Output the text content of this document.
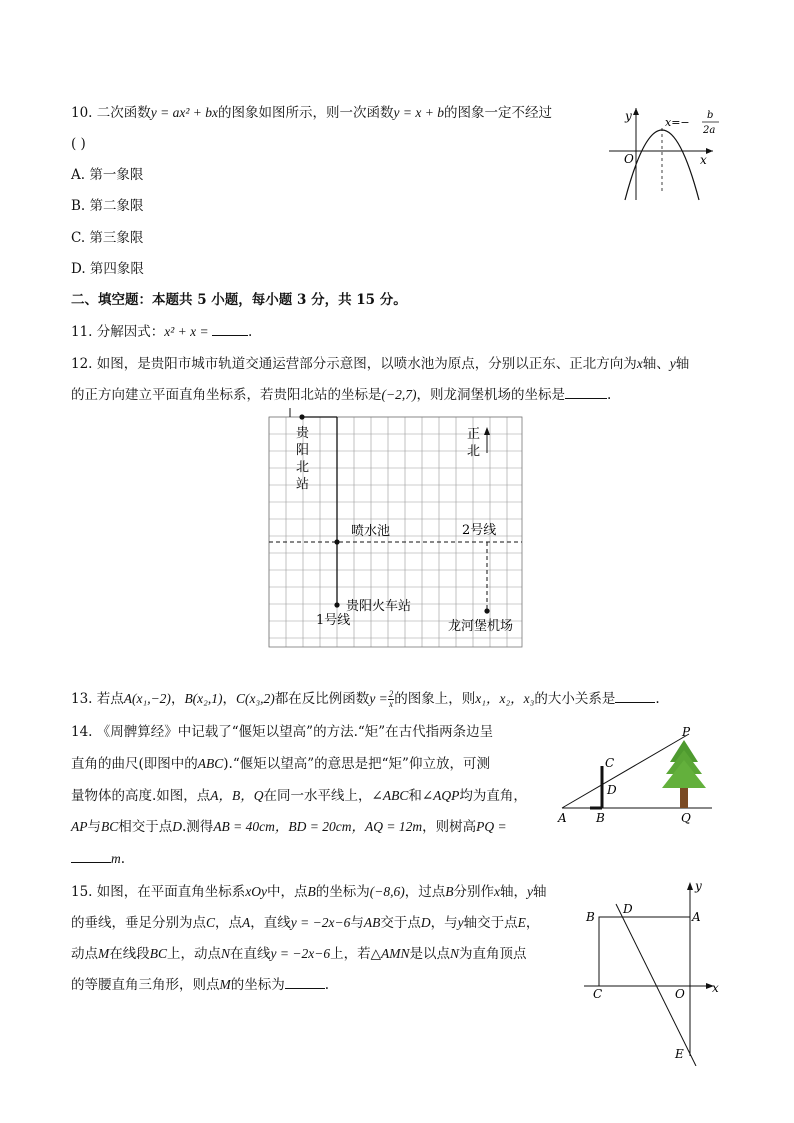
10. 二次函数y = ax² + bx的图象如图所示，则一次函数y = x + b的图象一定不经过
( )
A. 第一象限
B. 第二象限
C. 第三象限
D. 第四象限
y
x
O
x=−
b
2a
二、填空题：本题共 5 小题，每小题 3 分，共 15 分。
11. 分解因式：x² + x =	.
12. 如图，是贵阳市城市轨道交通运营部分示意图，以喷水池为原点，分别以正东、正北方向为x轴、y轴
的正方向建立平面直角坐标系，若贵阳北站的坐标是(−2,7)，则龙洞堡机场的坐标是	.
贵
阳
北
站
正
北
喷水池	2号线
贵阳火车站
1号线	龙河堡机场
13. 若点A(x₁,−2)，B(x₂,1)，C(x₃,2)都在反比例函数$y = \frac{2}{x}$ 的图象上，则x₁，x₂，x₃的大小关系是	.
14. 《周髀算经》中记载了“偃矩以望高”的方法.“矩”在古代指两条边呈
直角的曲尺(即图中的ABC).“偃矩以望高”的意思是把“矩”仰立放，可测
量物体的高度.如图，点A，B，Q在同一水平线上，∠ABC和∠AQP均为直角，
AP与BC相交于点D.测得AB = 40cm，BD = 20cm，AQ = 12m，则树高PQ =
m.
P
C
D
A B	Q
15. 如图，在平面直角坐标系xOy中，点B的坐标为(−8,6)，过点B分别作x轴，y轴
的垂线，垂足分别为点C，点A，直线y = −2x−6与AB交于点D，与y轴交于点E，
动点M在线段BC上，动点N在直线y = −2x−6上，若△AMN是以点N为直角顶点
的等腰直角三角形，则点M的坐标为	.
y
x
B
D
A
C	O
E
